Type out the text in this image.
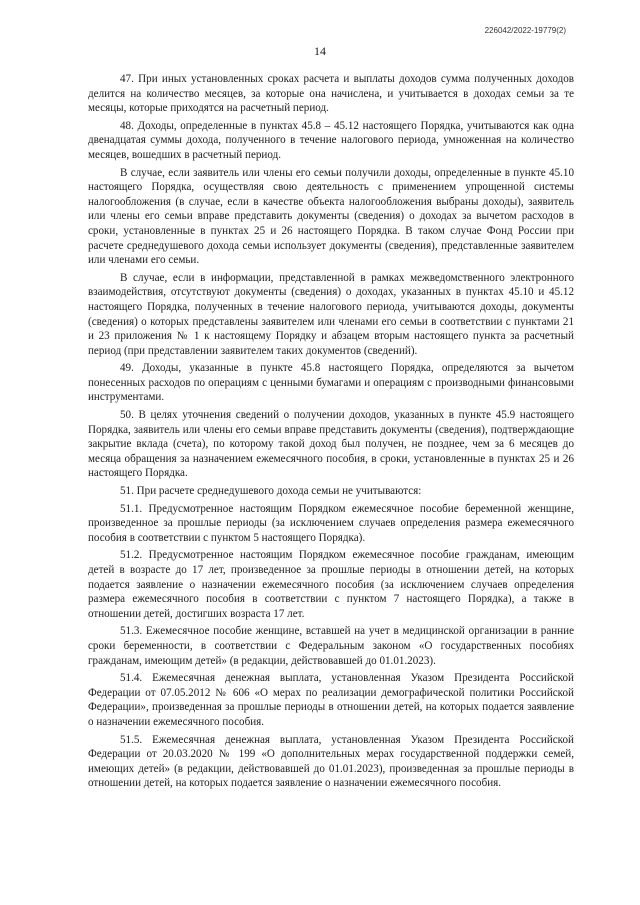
226042/2022-19779(2)
14

47. При иных установленных сроках расчета и выплаты доходов сумма полученных доходов делится на количество месяцев, за которые она начислена, и учитывается в доходах семьи за те месяцы, которые приходятся на расчетный период.

48. Доходы, определенные в пунктах 45.8 – 45.12 настоящего Порядка, учитываются как одна двенадцатая суммы дохода, полученного в течение налогового периода, умноженная на количество месяцев, вошедших в расчетный период.

В случае, если заявитель или члены его семьи получили доходы, определенные в пункте 45.10 настоящего Порядка, осуществляя свою деятельность с применением упрощенной системы налогообложения (в случае, если в качестве объекта налогообложения выбраны доходы), заявитель или члены его семьи вправе представить документы (сведения) о доходах за вычетом расходов в сроки, установленные в пунктах 25 и 26 настоящего Порядка. В таком случае Фонд России при расчете среднедушевого дохода семьи использует документы (сведения), представленные заявителем или членами его семьи.

В случае, если в информации, представленной в рамках межведомственного электронного взаимодействия, отсутствуют документы (сведения) о доходах, указанных в пунктах 45.10 и 45.12 настоящего Порядка, полученных в течение налогового периода, учитываются доходы, документы (сведения) о которых представлены заявителем или членами его семьи в соответствии с пунктами 21 и 23 приложения № 1 к настоящему Порядку и абзацем вторым настоящего пункта за расчетный период (при представлении заявителем таких документов (сведений).

49. Доходы, указанные в пункте 45.8 настоящего Порядка, определяются за вычетом понесенных расходов по операциям с ценными бумагами и операциям с производными финансовыми инструментами.

50. В целях уточнения сведений о получении доходов, указанных в пункте 45.9 настоящего Порядка, заявитель или члены его семьи вправе представить документы (сведения), подтверждающие закрытие вклада (счета), по которому такой доход был получен, не позднее, чем за 6 месяцев до месяца обращения за назначением ежемесячного пособия, в сроки, установленные в пунктах 25 и 26 настоящего Порядка.

51. При расчете среднедушевого дохода семьи не учитываются:

51.1. Предусмотренное настоящим Порядком ежемесячное пособие беременной женщине, произведенное за прошлые периоды (за исключением случаев определения размера ежемесячного пособия в соответствии с пунктом 5 настоящего Порядка).

51.2. Предусмотренное настоящим Порядком ежемесячное пособие гражданам, имеющим детей в возрасте до 17 лет, произведенное за прошлые периоды в отношении детей, на которых подается заявление о назначении ежемесячного пособия (за исключением случаев определения размера ежемесячного пособия в соответствии с пунктом 7 настоящего Порядка), а также в отношении детей, достигших возраста 17 лет.

51.3. Ежемесячное пособие женщине, вставшей на учет в медицинской организации в ранние сроки беременности, в соответствии с Федеральным законом «О государственных пособиях гражданам, имеющим детей» (в редакции, действовавшей до 01.01.2023).

51.4. Ежемесячная денежная выплата, установленная Указом Президента Российской Федерации от 07.05.2012 № 606 «О мерах по реализации демографической политики Российской Федерации», произведенная за прошлые периоды в отношении детей, на которых подается заявление о назначении ежемесячного пособия.

51.5. Ежемесячная денежная выплата, установленная Указом Президента Российской Федерации от 20.03.2020 № 199 «О дополнительных мерах государственной поддержки семей, имеющих детей» (в редакции, действовавшей до 01.01.2023), произведенная за прошлые периоды в отношении детей, на которых подается заявление о назначении ежемесячного пособия.
